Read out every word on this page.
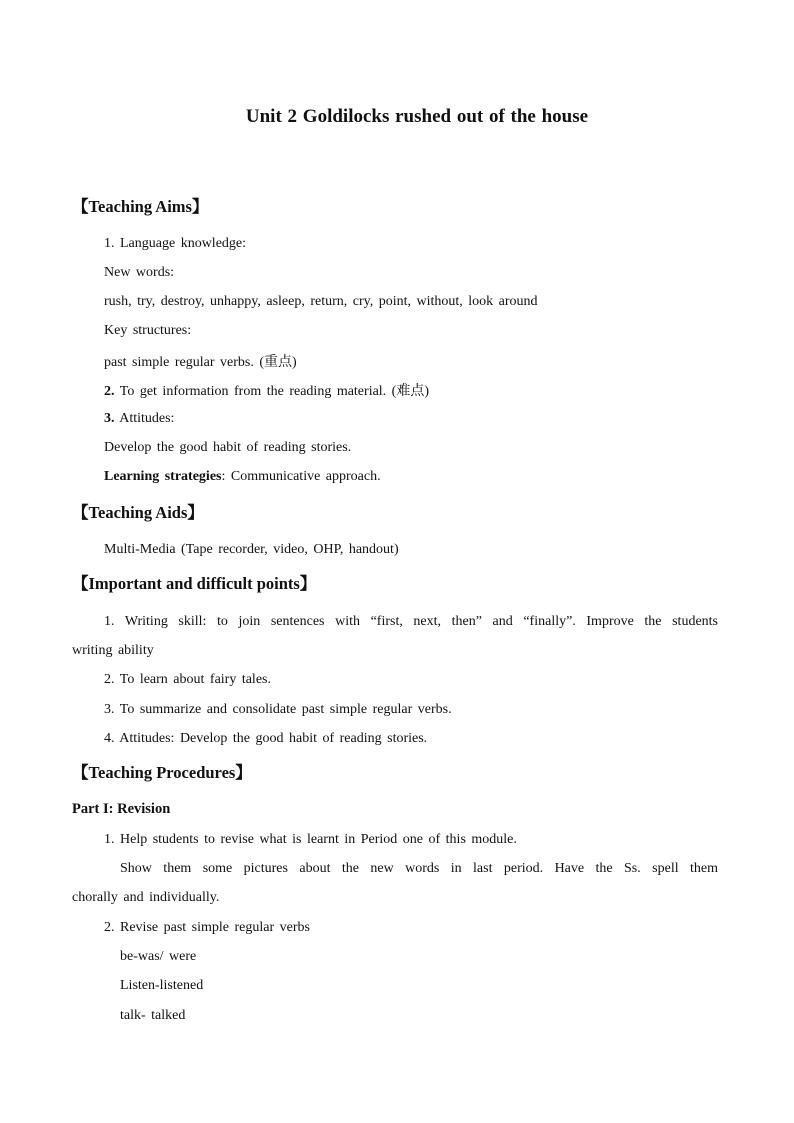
Unit 2 Goldilocks rushed out of the house
【Teaching Aims】
1. Language knowledge:
New words:
rush, try, destroy, unhappy, asleep, return, cry, point, without, look around
Key structures:
past simple regular verbs. (重点)
2. To get information from the reading material. (难点)
3. Attitudes:
Develop the good habit of reading stories.
Learning strategies: Communicative approach.
【Teaching Aids】
Multi-Media (Tape recorder, video, OHP, handout)
【Important and difficult points】
1. Writing skill: to join sentences with “first, next, then” and “finally”. Improve the students
writing ability
2. To learn about fairy tales.
3. To summarize and consolidate past simple regular verbs.
4. Attitudes: Develop the good habit of reading stories.
【Teaching Procedures】
Part I: Revision
1. Help students to revise what is learnt in Period one of this module.
Show them some pictures about the new words in last period. Have the Ss. spell them
chorally and individually.
2. Revise past simple regular verbs
be-was/ were
Listen-listened
talk- talked
